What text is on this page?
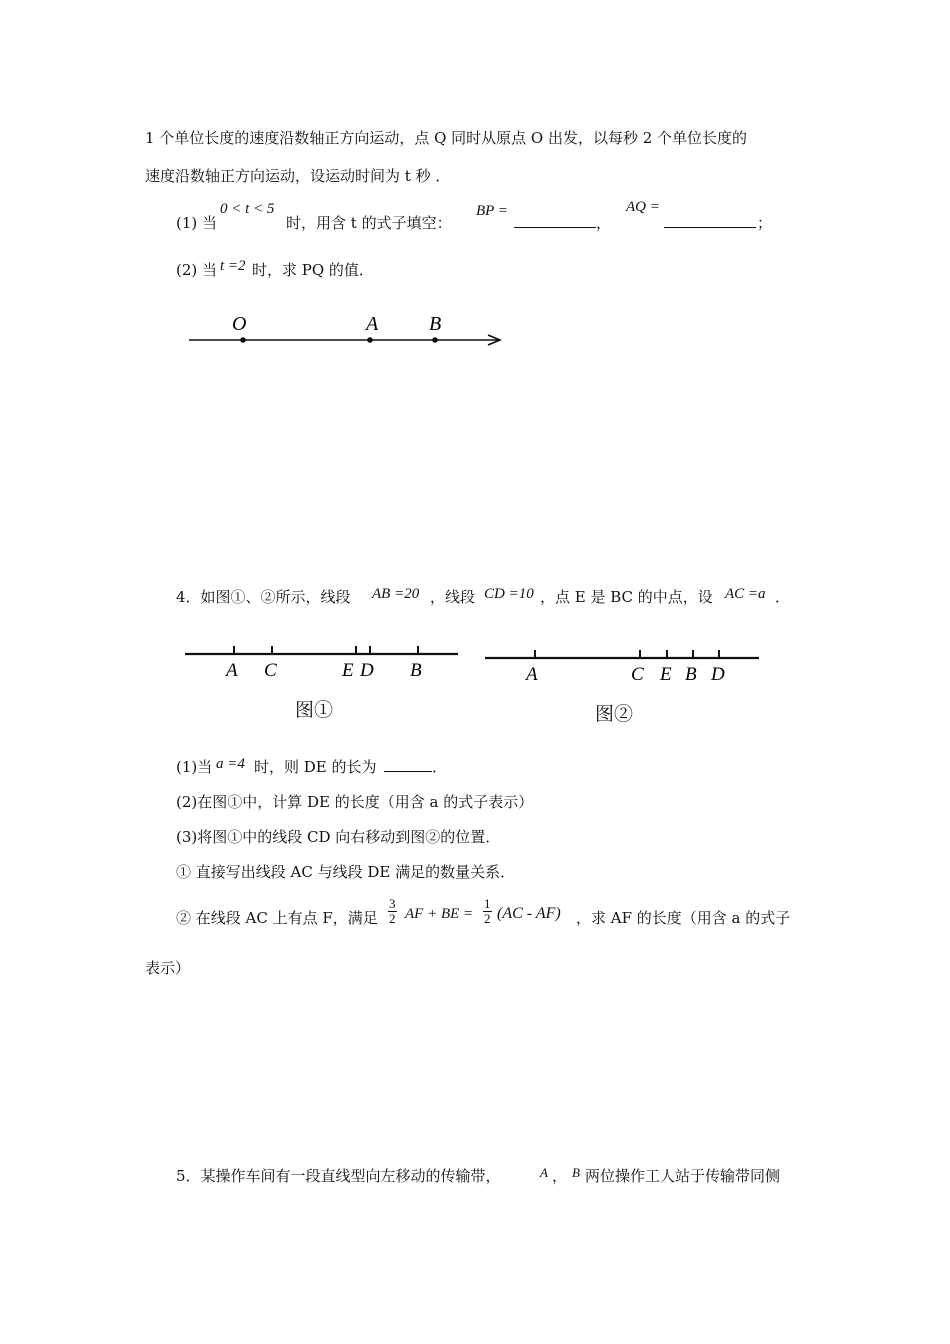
1 个单位长度的速度沿数轴正方向运动，点 Q 同时从原点 O 出发，以每秒 2 个单位长度的
速度沿数轴正方向运动，设运动时间为 t 秒 ．
(1) 当
0 < t < 5
时，用含 t 的式子填空：
BP =
，
AQ =
；
(2) 当 t =2 时，求 PQ 的值．
O	A	B
4．如图①、②所示，线段 AB =20 ，线段 CD =10 ，点 E 是 BC 的中点，设 AC =a ．
A C	E D B
图①
A	C E B D
图②
(1)当 a =4 时，则 DE 的长为	．
(2)在图①中，计算 DE 的长度（用含 a 的式子表示）
(3)将图①中的线段 CD 向右移动到图②的位置．
① 直接写出线段 AC 与线段 DE 满足的数量关系．
② 在线段 AC 上有点 F，满足 $\frac{3}{2}$ AF + BE = $\frac{1}{2} (AC - AF)$ ，求 AF 的长度（用含 a 的式子
表示）
5．某操作车间有一段直线型向左移动的传输带，	A ， B 两位操作工人站于传输带同侧
